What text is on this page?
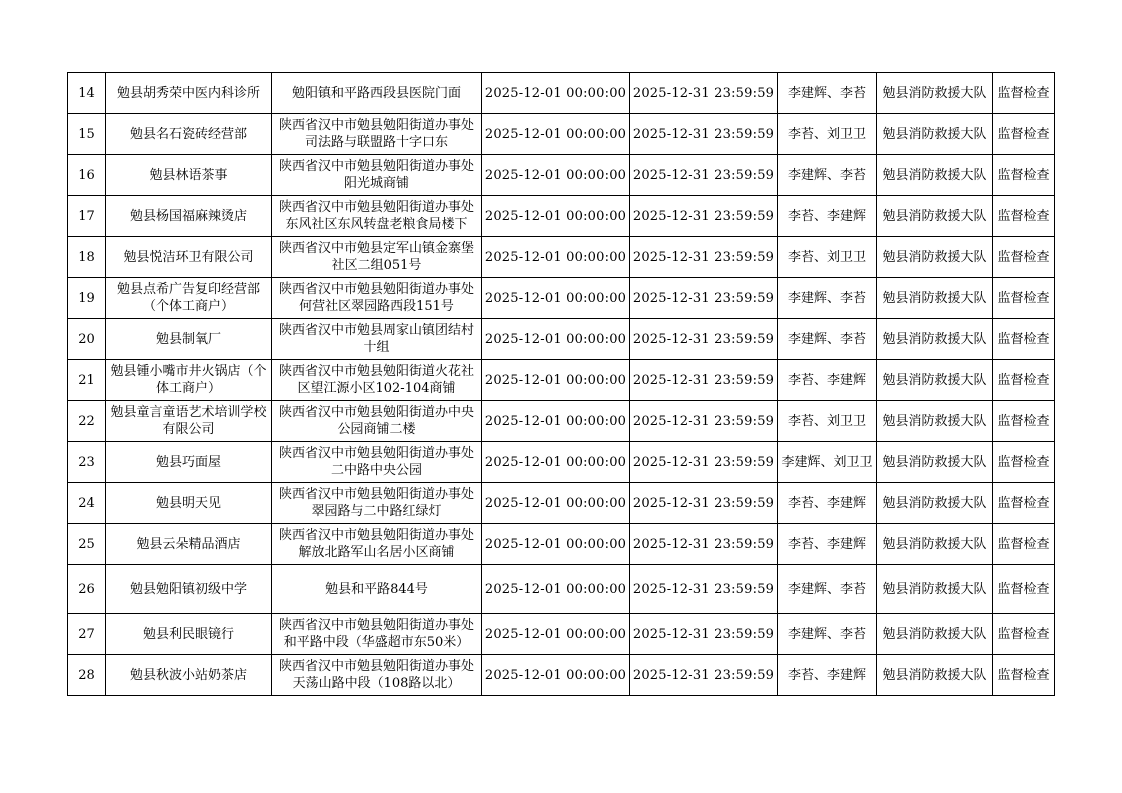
14	勉县胡秀荣中医内科诊所	勉阳镇和平路西段县医院门面	2025-12-01 00:00:00	2025-12-31 23:59:59	李建辉、李苔	勉县消防救援大队	监督检查
15	勉县名石瓷砖经营部	陕西省汉中市勉县勉阳街道办事处司法路与联盟路十字口东	2025-12-01 00:00:00	2025-12-31 23:59:59	李苔、刘卫卫	勉县消防救援大队	监督检查
16	勉县林语茶事	陕西省汉中市勉县勉阳街道办事处阳光城商铺	2025-12-01 00:00:00	2025-12-31 23:59:59	李建辉、李苔	勉县消防救援大队	监督检查
17	勉县杨国福麻辣烫店	陕西省汉中市勉县勉阳街道办事处东风社区东风转盘老粮食局楼下	2025-12-01 00:00:00	2025-12-31 23:59:59	李苔、李建辉	勉县消防救援大队	监督检查
18	勉县悦洁环卫有限公司	陕西省汉中市勉县定军山镇金寨堡社区二组051号	2025-12-01 00:00:00	2025-12-31 23:59:59	李苔、刘卫卫	勉县消防救援大队	监督检查
19	勉县点希广告复印经营部（个体工商户）	陕西省汉中市勉县勉阳街道办事处何营社区翠园路西段151号	2025-12-01 00:00:00	2025-12-31 23:59:59	李建辉、李苔	勉县消防救援大队	监督检查
20	勉县制氧厂	陕西省汉中市勉县周家山镇团结村十组	2025-12-01 00:00:00	2025-12-31 23:59:59	李建辉、李苔	勉县消防救援大队	监督检查
21	勉县锺小嘴市井火锅店（个体工商户）	陕西省汉中市勉县勉阳街道火花社区望江源小区102-104商铺	2025-12-01 00:00:00	2025-12-31 23:59:59	李苔、李建辉	勉县消防救援大队	监督检查
22	勉县童言童语艺术培训学校有限公司	陕西省汉中市勉县勉阳街道办中央公园商铺二楼	2025-12-01 00:00:00	2025-12-31 23:59:59	李苔、刘卫卫	勉县消防救援大队	监督检查
23	勉县巧面屋	陕西省汉中市勉县勉阳街道办事处二中路中央公园	2025-12-01 00:00:00	2025-12-31 23:59:59	李建辉、刘卫卫	勉县消防救援大队	监督检查
24	勉县明天见	陕西省汉中市勉县勉阳街道办事处翠园路与二中路红绿灯	2025-12-01 00:00:00	2025-12-31 23:59:59	李苔、李建辉	勉县消防救援大队	监督检查
25	勉县云朵精品酒店	陕西省汉中市勉县勉阳街道办事处解放北路军山名居小区商铺	2025-12-01 00:00:00	2025-12-31 23:59:59	李苔、李建辉	勉县消防救援大队	监督检查
26	勉县勉阳镇初级中学	勉县和平路844号	2025-12-01 00:00:00	2025-12-31 23:59:59	李建辉、李苔	勉县消防救援大队	监督检查
27	勉县利民眼镜行	陕西省汉中市勉县勉阳街道办事处和平路中段（华盛超市东50米）	2025-12-01 00:00:00	2025-12-31 23:59:59	李建辉、李苔	勉县消防救援大队	监督检查
28	勉县秋波小站奶茶店	陕西省汉中市勉县勉阳街道办事处天荡山路中段（108路以北）	2025-12-01 00:00:00	2025-12-31 23:59:59	李苔、李建辉	勉县消防救援大队	监督检查
